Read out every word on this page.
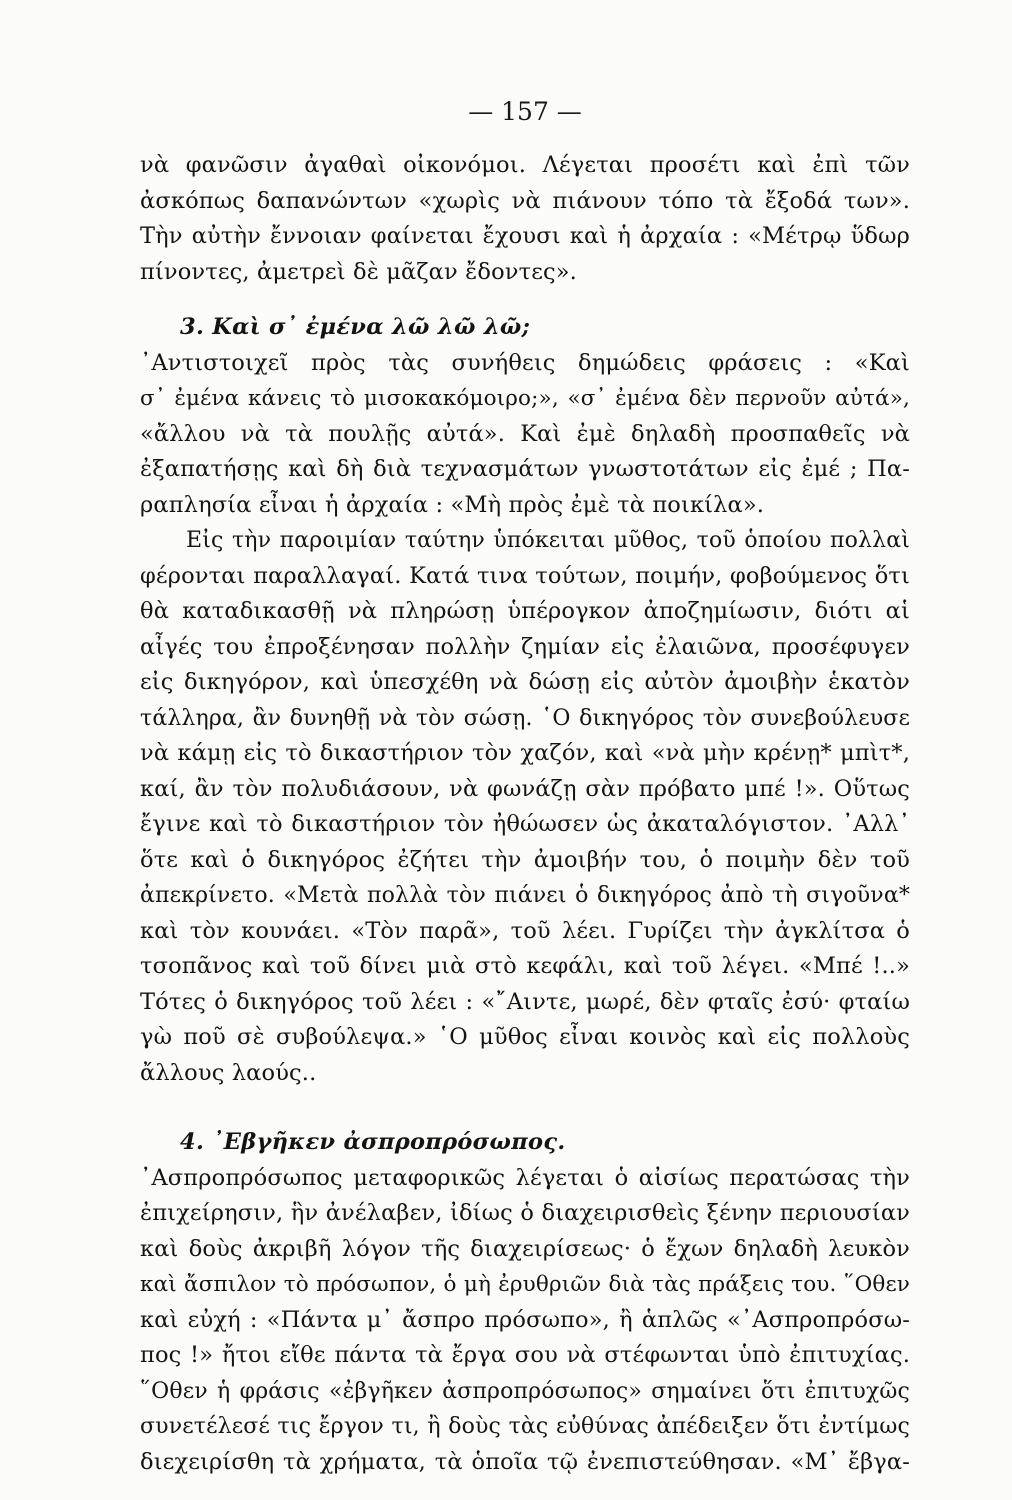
— 157 —
νὰ φανῶσιν ἀγαθαὶ οἰκονόμοι. Λέγεται προσέτι καὶ ἐπὶ τῶν
ἀσκόπως δαπανώντων «χωρὶς νὰ πιάνουν τόπο τὰ ἔξοδά των».
Τὴν αὐτὴν ἔννοιαν φαίνεται ἔχουσι καὶ ἡ ἀρχαία : «Μέτρῳ ὕδωρ
πίνοντες, ἀμετρεὶ δὲ μᾶζαν ἔδοντες».
3. Καὶ σ᾿ ἐμένα λῶ λῶ λῶ;
᾿Αντιστοιχεῖ πρὸς τὰς συνήθεις δημώδεις φράσεις : «Καὶ
σ᾿ ἐμένα κάνεις τὸ μισοκακόμοιρο;», «σ᾿ ἐμένα δὲν περνοῦν αὐτά»,
«ἄλλου νὰ τὰ πουλῇς αὐτά». Καὶ ἐμὲ δηλαδὴ προσπαθεῖς νὰ
ἐξαπατήσῃς καὶ δὴ διὰ τεχνασμάτων γνωστοτάτων εἰς ἐμέ ; Πα-
ραπλησία εἶναι ἡ ἀρχαία : «Μὴ πρὸς ἐμὲ τὰ ποικίλα».
Εἰς τὴν παροιμίαν ταύτην ὑπόκειται μῦθος, τοῦ ὁποίου πολλαὶ
φέρονται παραλλαγαί. Κατά τινα τούτων, ποιμήν, φοβούμενος ὅτι
θὰ καταδικασθῇ νὰ πληρώσῃ ὑπέρογκον ἀποζημίωσιν, διότι αἱ
αἶγές του ἐπροξένησαν πολλὴν ζημίαν εἰς ἐλαιῶνα, προσέφυγεν
εἰς δικηγόρον, καὶ ὑπεσχέθη νὰ δώσῃ εἰς αὐτὸν ἀμοιβὴν ἑκατὸν
τάλληρα, ἂν δυνηθῇ νὰ τὸν σώσῃ. ῾Ο δικηγόρος τὸν συνεβούλευσε
νὰ κάμῃ εἰς τὸ δικαστήριον τὸν χαζόν, καὶ «νὰ μὴν κρένῃ* μπὶτ*,
καί, ἂν τὸν πολυδιάσουν, νὰ φωνάζῃ σὰν πρόβατο μπέ !». Οὕτως
ἔγινε καὶ τὸ δικαστήριον τὸν ἠθώωσεν ὡς ἀκαταλόγιστον. ᾿Αλλ᾿
ὅτε καὶ ὁ δικηγόρος ἐζήτει τὴν ἀμοιβήν του, ὁ ποιμὴν δὲν τοῦ
ἀπεκρίνετο. «Μετὰ πολλὰ τὸν πιάνει ὁ δικηγόρος ἀπὸ τὴ σιγοῦνα*
καὶ τὸν κουνάει. «Τὸν παρᾶ», τοῦ λέει. Γυρίζει τὴν ἀγκλίτσα ὁ
τσοπᾶνος καὶ τοῦ δίνει μιὰ στὸ κεφάλι, καὶ τοῦ λέγει. «Μπέ !..»
Τότες ὁ δικηγόρος τοῦ λέει : «῎Αιντε, μωρέ, δὲν φταῖς ἐσύ· φταίω
γὼ ποῦ σὲ συβούλεψα.» ῾Ο μῦθος εἶναι κοινὸς καὶ εἰς πολλοὺς
ἄλλους λαούς..
4. ᾿Εβγῆκεν ἀσπροπρόσωπος.
᾿Ασπροπρόσωπος μεταφορικῶς λέγεται ὁ αἰσίως περατώσας τὴν
ἐπιχείρησιν, ἣν ἀνέλαβεν, ἰδίως ὁ διαχειρισθεὶς ξένην περιουσίαν
καὶ δοὺς ἀκριβῆ λόγον τῆς διαχειρίσεως· ὁ ἔχων δηλαδὴ λευκὸν
καὶ ἄσπιλον τὸ πρόσωπον, ὁ μὴ ἐρυθριῶν διὰ τὰς πράξεις του. ῞Οθεν
καὶ εὐχή : «Πάντα μ᾿ ἄσπρο πρόσωπο», ἢ ἁπλῶς «᾿Ασπροπρόσω-
πος !» ἤτοι εἴθε πάντα τὰ ἔργα σου νὰ στέφωνται ὑπὸ ἐπιτυχίας.
῞Οθεν ἡ φράσις «ἐβγῆκεν ἀσπροπρόσωπος» σημαίνει ὅτι ἐπιτυχῶς
συνετέλεσέ τις ἔργον τι, ἢ δοὺς τὰς εὐθύνας ἀπέδειξεν ὅτι ἐντίμως
διεχειρίσθη τὰ χρήματα, τὰ ὁποῖα τῷ ἐνεπιστεύθησαν. «Μ᾿ ἔβγα-
